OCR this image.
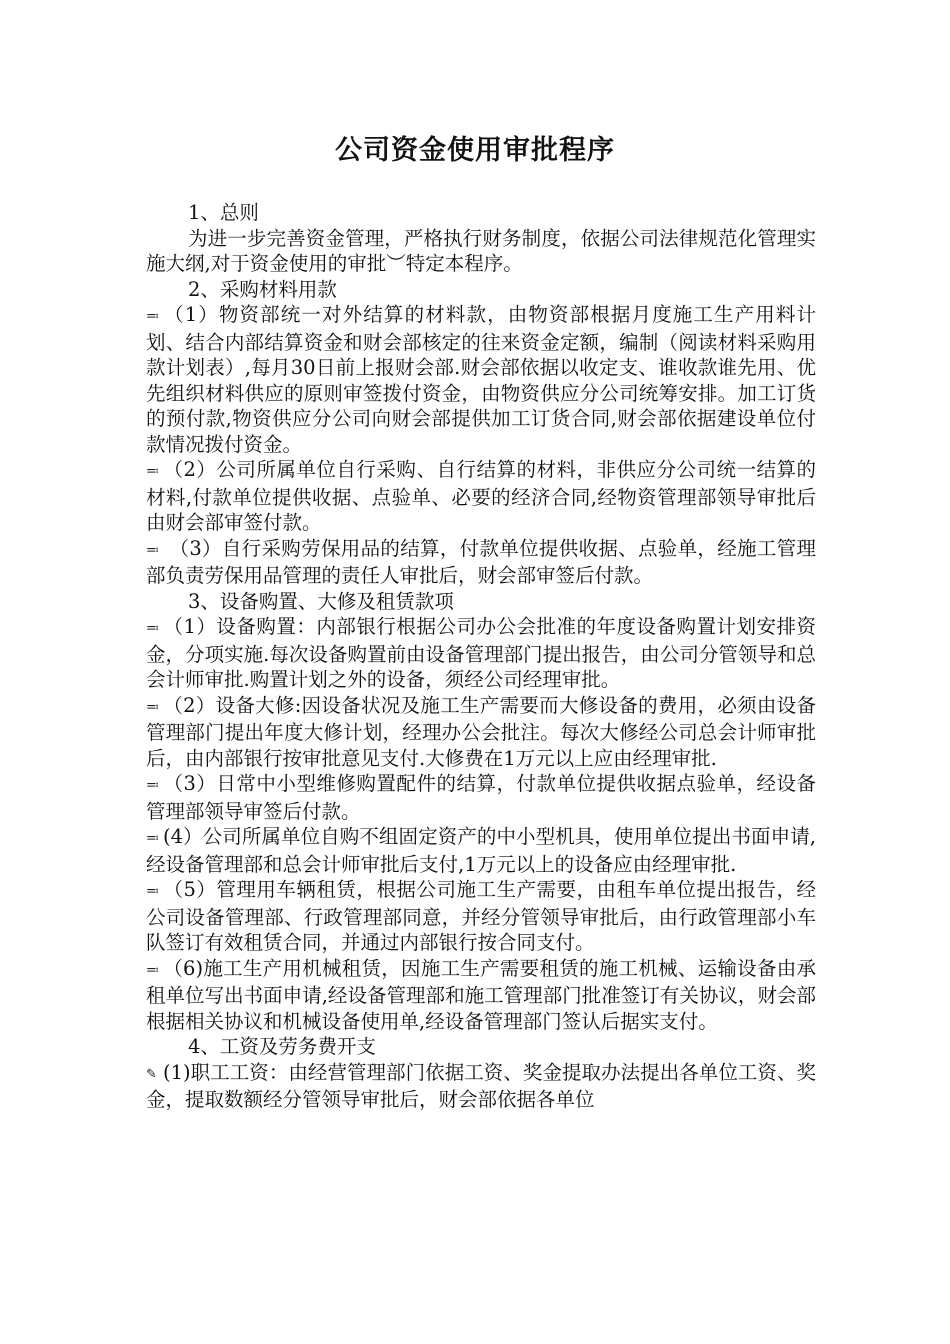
公司资金使用审批程序

1、总则

为进一步完善资金管理，严格执行财务制度，依据公司法律规范化管理实施大纲,对于资金使用的审批︶特定本程序。

2、采购材料用款

≕ （1）物资部统一对外结算的材料款，由物资部根据月度施工生产用料计划、结合内部结算资金和财会部核定的往来资金定额，编制（阅读材料采购用款计划表）,每月30日前上报财会部.财会部依据以收定支、谁收款谁先用、优先组织材料供应的原则审签拨付资金，由物资供应分公司统筹安排。加工订货的预付款,物资供应分公司向财会部提供加工订货合同,财会部依据建设单位付款情况拨付资金。

≕ （2）公司所属单位自行采购、自行结算的材料，非供应分公司统一结算的材料,付款单位提供收据、点验单、必要的经济合同,经物资管理部领导审批后由财会部审签付款。

≕ （3）自行采购劳保用品的结算，付款单位提供收据、点验单，经施工管理部负责劳保用品管理的责任人审批后，财会部审签后付款。

3、设备购置、大修及租赁款项

≕ （1）设备购置：内部银行根据公司办公会批准的年度设备购置计划安排资金，分项实施.每次设备购置前由设备管理部门提出报告，由公司分管领导和总会计师审批.购置计划之外的设备，须经公司经理审批。

≕ （2）设备大修:因设备状况及施工生产需要而大修设备的费用，必须由设备管理部门提出年度大修计划，经理办公会批注。每次大修经公司总会计师审批后，由内部银行按审批意见支付.大修费在1万元以上应由经理审批.

≕ （3）日常中小型维修购置配件的结算，付款单位提供收据点验单，经设备管理部领导审签后付款。

≕ (4）公司所属单位自购不组固定资产的中小型机具，使用单位提出书面申请,经设备管理部和总会计师审批后支付,1万元以上的设备应由经理审批.

≕ （5）管理用车辆租赁，根据公司施工生产需要，由租车单位提出报告，经公司设备管理部、行政管理部同意，并经分管领导审批后，由行政管理部小车队签订有效租赁合同，并通过内部银行按合同支付。

≕ （6)施工生产用机械租赁，因施工生产需要租赁的施工机械、运输设备由承租单位写出书面申请,经设备管理部和施工管理部门批准签订有关协议，财会部根据相关协议和机械设备使用单,经设备管理部门签认后据实支付。

4、工资及劳务费开支

✎ (1)职工工资：由经营管理部门依据工资、奖金提取办法提出各单位工资、奖金，提取数额经分管领导审批后，财会部依据各单位
